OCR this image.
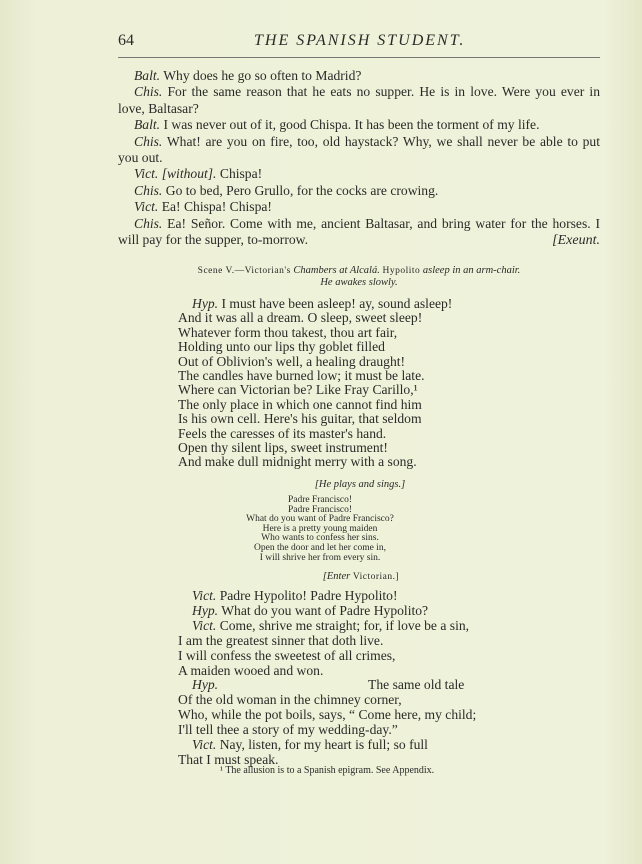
64	THE SPANISH STUDENT.

Balt. Why does he go so often to Madrid?

Chis. For the same reason that he eats no supper. He is in love. Were you ever in love, Baltasar?

Balt. I was never out of it, good Chispa. It has been the torment of my life.

Chis. What! are you on fire, too, old haystack? Why, we shall never be able to put you out.

Vict. [without]. Chispa!

Chis. Go to bed, Pero Grullo, for the cocks are crowing.

Vict. Ea! Chispa! Chispa!

Chis. Ea! Señor. Come with me, ancient Baltasar, and bring water for the horses. I will pay for the supper, to-morrow.	[Exeunt.

Scene V.—Victorian's Chambers at Alcalá. Hypolito asleep in an arm-chair.
He awakes slowly.
Hyp. I must have been asleep! ay, sound asleep!
And it was all a dream. O sleep, sweet sleep!
Whatever form thou takest, thou art fair,
Holding unto our lips thy goblet filled
Out of Oblivion's well, a healing draught!
The candles have burned low; it must be late.
Where can Victorian be? Like Fray Carillo,¹
The only place in which one cannot find him
Is his own cell. Here's his guitar, that seldom
Feels the caresses of its master's hand.
Open thy silent lips, sweet instrument!
And make dull midnight merry with a song.
[He plays and sings.]
Padre Francisco!
Padre Francisco!
What do you want of Padre Francisco?
Here is a pretty young maiden
Who wants to confess her sins.
Open the door and let her come in,
I will shrive her from every sin.
[Enter Victorian.]
Vict. Padre Hypolito! Padre Hypolito!
Hyp. What do you want of Padre Hypolito?
Vict. Come, shrive me straight; for, if love be a sin,
I am the greatest sinner that doth live.
I will confess the sweetest of all crimes,
A maiden wooed and won.
Hyp.	The same old tale
Of the old woman in the chimney corner,
Who, while the pot boils, says, “ Come here, my child;
I'll tell thee a story of my wedding-day.”
Vict. Nay, listen, for my heart is full; so full
That I must speak.
¹ The allusion is to a Spanish epigram. See Appendix.
